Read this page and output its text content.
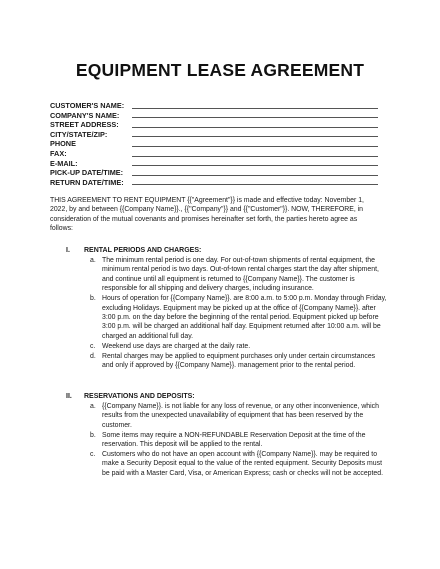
EQUIPMENT LEASE AGREEMENT
CUSTOMER'S NAME:
COMPANY'S NAME:
STREET ADDRESS:
CITY/STATE/ZIP:
PHONE
FAX:
E-MAIL:
PICK-UP DATE/TIME:
RETURN DATE/TIME:
THIS AGREEMENT TO RENT EQUIPMENT {{"Agreement"}} is made and effective today: November 1, 2022, by and between {{Company Name}}., {{"Company"}} and {{"Customer"}}. NOW, THEREFORE, in consideration of the mutual covenants and promises hereinafter set forth, the parties hereto agree as follows:
I. RENTAL PERIODS AND CHARGES:
a. The minimum rental period is one day. For out-of-town shipments of rental equipment, the minimum rental period is two days. Out-of-town rental charges start the day after shipment, and continue until all equipment is returned to {{Company Name}}. The customer is responsible for all shipping and delivery charges, including insurance.
b. Hours of operation for {{Company Name}}. are 8:00 a.m. to 5:00 p.m. Monday through Friday, excluding Holidays. Equipment may be picked up at the office of {{Company Name}}. after 3:00 p.m. on the day before the beginning of the rental period. Equipment picked up before 3:00 p.m. will be charged an additional half day. Equipment returned after 10:00 a.m. will be charged an additional full day.
c. Weekend use days are charged at the daily rate.
d. Rental charges may be applied to equipment purchases only under certain circumstances and only if approved by {{Company Name}}. management prior to the rental period.
II. RESERVATIONS AND DEPOSITS:
a. {{Company Name}}. is not liable for any loss of revenue, or any other inconvenience, which results from the unexpected unavailability of equipment that has been reserved by the customer.
b. Some items may require a NON-REFUNDABLE Reservation Deposit at the time of the reservation. This deposit will be applied to the rental.
c. Customers who do not have an open account with {{Company Name}}. may be required to make a Security Deposit equal to the value of the rented equipment. Security Deposits must be paid with a Master Card, Visa, or American Express; cash or checks will not be accepted.
